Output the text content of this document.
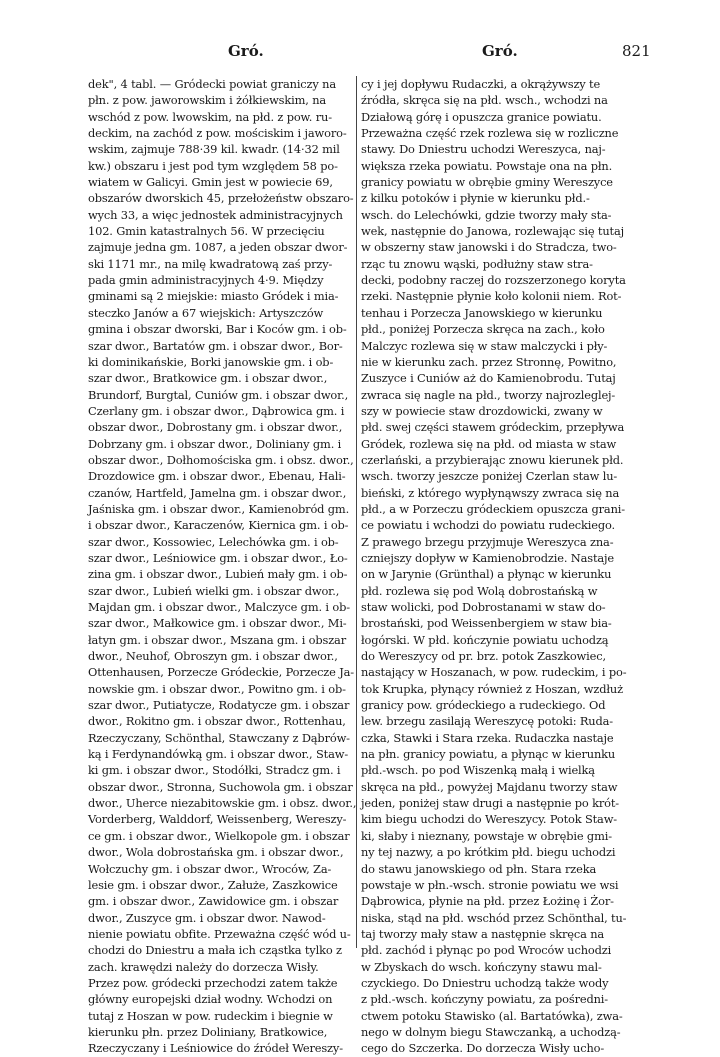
Gró.	Gró.	821
dek", 4 tabl. — Gródecki powiat graniczy na
płn. z pow. jaworowskim i żółkiewskim, na
wschód z pow. lwowskim, na płd. z pow. ru-
deckim, na zachód z pow. mościskim i jaworo-
wskim, zajmuje 788·39 kil. kwadr. (14·32 mil
kw.) obszaru i jest pod tym względem 58 po-
wiatem w Galicyi. Gmin jest w powiecie 69,
obszarów dworskich 45, przełożeństw obszaro-
wych 33, a więc jednostek administracyjnych
102. Gmin katastralnych 56. W przecięciu
zajmuje jedna gm. 1087, a jeden obszar dwor-
ski 1171 mr., na milę kwadratową zaś przy-
pada gmin administracyjnych 4·9. Między
gminami są 2 miejskie: miasto Gródek i mia-
steczko Janów a 67 wiejskich: Artyszczów
gmina i obszar dworski, Bar i Koców gm. i ob-
szar dwor., Bartatów gm. i obszar dwor., Bor-
ki dominikańskie, Borki janowskie gm. i ob-
szar dwor., Bratkowice gm. i obszar dwor.,
Brundorf, Burgtal, Cuniów gm. i obszar dwor.,
Czerlany gm. i obszar dwor., Dąbrowica gm. i
obszar dwor., Dobrostany gm. i obszar dwor.,
Dobrzany gm. i obszar dwor., Doliniany gm. i
obszar dwor., Dołhomościska gm. i obsz. dwor.,
Drozdowice gm. i obszar dwor., Ebenau, Hali-
czanów, Hartfeld, Jamelna gm. i obszar dwor.,
Jaśniska gm. i obszar dwor., Kamienobród gm.
i obszar dwor., Karaczenów, Kiernica gm. i ob-
szar dwor., Kossowiec, Lelechówka gm. i ob-
szar dwor., Leśniowice gm. i obszar dwor., Ło-
zina gm. i obszar dwor., Lubień mały gm. i ob-
szar dwor., Lubień wielki gm. i obszar dwor.,
Majdan gm. i obszar dwor., Malczyce gm. i ob-
szar dwor., Małkowice gm. i obszar dwor., Mi-
łatyn gm. i obszar dwor., Mszana gm. i obszar
dwor., Neuhof, Obroszyn gm. i obszar dwor.,
Ottenhausen, Porzecze Gródeckie, Porzecze Ja-
nowskie gm. i obszar dwor., Powitno gm. i ob-
szar dwor., Putiatycze, Rodatycze gm. i obszar
dwor., Rokitno gm. i obszar dwor., Rottenhau,
Rzeczyczany, Schönthal, Stawczany z Dąbrów-
ką i Ferdynandówką gm. i obszar dwor., Staw-
ki gm. i obszar dwor., Stodółki, Stradcz gm. i
obszar dwor., Stronna, Suchowola gm. i obszar
dwor., Uherce niezabitowskie gm. i obsz. dwor.,
Vorderberg, Walddorf, Weissenberg, Wereszy-
ce gm. i obszar dwor., Wielkopole gm. i obszar
dwor., Wola dobrostańska gm. i obszar dwor.,
Wołczuchy gm. i obszar dwor., Wroców, Za-
lesie gm. i obszar dwor., Załuże, Zaszkowice
gm. i obszar dwor., Zawidowice gm. i obszar
dwor., Zuszyce gm. i obszar dwor. Nawod-
nienie powiatu obfite. Przeważna część wód u-
chodzi do Dniestru a mała ich cząstka tylko z
zach. krawędzi należy do dorzecza Wisły.
Przez pow. gródecki przechodzi zatem także
główny europejski dział wodny. Wchodzi on
tutaj z Hoszan w pow. rudeckim i biegnie w
kierunku płn. przez Doliniany, Bratkowice,
Rzeczyczany i Leśniowice do źródeł Wereszy-
cy i jej dopływu Rudaczki, a okrążywszy te
źródła, skręca się na płd. wsch., wchodzi na
Działową górę i opuszcza granice powiatu.
Przeważna część rzek rozlewa się w rozliczne
stawy. Do Dniestru uchodzi Wereszyca, naj-
większa rzeka powiatu. Powstaje ona na płn.
granicy powiatu w obrębie gminy Wereszyce
z kilku potoków i płynie w kierunku płd.-
wsch. do Lelechówki, gdzie tworzy mały sta-
wek, następnie do Janowa, rozlewając się tutaj
w obszerny staw janowski i do Stradcza, two-
rząc tu znowu wąski, podłużny staw stra-
decki, podobny raczej do rozszerzonego koryta
rzeki. Następnie płynie koło kolonii niem. Rot-
tenhau i Porzecza Janowskiego w kierunku
płd., poniżej Porzecza skręca na zach., koło
Malczyc rozlewa się w staw malczycki i pły-
nie w kierunku zach. przez Stronnę, Powitno,
Zuszyce i Cuniów aż do Kamienobrodu. Tutaj
zwraca się nagle na płd., tworzy najrozleglej-
szy w powiecie staw drozdowicki, zwany w
płd. swej części stawem gródeckim, przepływa
Gródek, rozlewa się na płd. od miasta w staw
czerlański, a przybierając znowu kierunek płd.
wsch. tworzy jeszcze poniżej Czerlan staw lu-
bieński, z którego wypłynąwszy zwraca się na
płd., a w Porzeczu gródeckiem opuszcza grani-
ce powiatu i wchodzi do powiatu rudeckiego.
Z prawego brzegu przyjmuje Wereszyca zna-
czniejszy dopływ w Kamienobrodzie. Nastaje
on w Jarynie (Grünthal) a płynąc w kierunku
płd. rozlewa się pod Wolą dobrostańską w
staw wolicki, pod Dobrostanami w staw do-
brostański, pod Weissenbergiem w staw bia-
łogórski. W płd. kończynie powiatu uchodzą
do Wereszycy od pr. brz. potok Zaszkowiec,
nastający w Hoszanach, w pow. rudeckim, i po-
tok Krupka, płynący również z Hoszan, wzdłuż
granicy pow. gródeckiego a rudeckiego. Od
lew. brzegu zasilają Wereszycę potoki: Ruda-
czka, Stawki i Stara rzeka. Rudaczka nastaje
na płn. granicy powiatu, a płynąc w kierunku
płd.-wsch. po pod Wiszenką małą i wielką
skręca na płd., powyżej Majdanu tworzy staw
jeden, poniżej staw drugi a następnie po krót-
kim biegu uchodzi do Wereszycy. Potok Staw-
ki, słaby i nieznany, powstaje w obrębie gmi-
ny tej nazwy, a po krótkim płd. biegu uchodzi
do stawu janowskiego od płn. Stara rzeka
powstaje w płn.-wsch. stronie powiatu we wsi
Dąbrowica, płynie na płd. przez Łożinę i Żor-
niska, stąd na płd. wschód przez Schönthal, tu-
taj tworzy mały staw a następnie skręca na
płd. zachód i płynąc po pod Wroców uchodzi
w Zbyskach do wsch. kończyny stawu mal-
czyckiego. Do Dniestru uchodzą także wody
z płd.-wsch. kończyny powiatu, za pośredni-
ctwem potoku Stawisko (al. Bartatówka), zwa-
nego w dolnym biegu Stawczanką, a uchodzą-
cego do Szczerka. Do dorzecza Wisły ucho-
